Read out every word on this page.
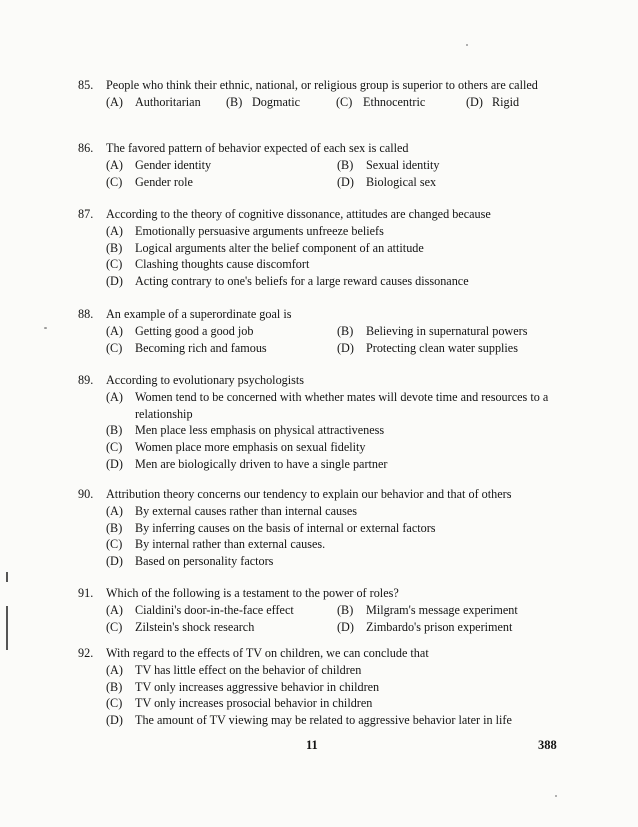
85.	People who think their ethnic, national, or religious group is superior to others are called
(A) Authoritarian (B) Dogmatic	(C) Ethnocentric	(D) Rigid
86.	The favored pattern of behavior expected of each sex is called
(A) Gender identity	(B)	Sexual identity
(C)	Gender role	(D) Biological sex
87.	According to the theory of cognitive dissonance, attitudes are changed because
(A) Emotionally persuasive arguments unfreeze beliefs
(B)	Logical arguments alter the belief component of an attitude
(C)	Clashing thoughts cause discomfort
(D) Acting contrary to one's beliefs for a large reward causes dissonance
88.	An example of a superordinate goal is
(A) Getting good a good job	(B)	Believing in supernatural powers
(C)	Becoming rich and famous	(D) Protecting clean water supplies
89.	According to evolutionary psychologists
(A) Women tend to be concerned with whether mates will devote time and resources to a relationship
(B)	Men place less emphasis on physical attractiveness
(C)	Women place more emphasis on sexual fidelity
(D) Men are biologically driven to have a single partner
90.	Attribution theory concerns our tendency to explain our behavior and that of others
(A) By external causes rather than internal causes
(B)	By inferring causes on the basis of internal or external factors
(C)	By internal rather than external causes.
(D) Based on personality factors
91.	Which of the following is a testament to the power of roles?
(A) Cialdini's door-in-the-face effect	(B)	Milgram's message experiment
(C)	Zilstein's shock research	(D) Zimbardo's prison experiment
92.	With regard to the effects of TV on children, we can conclude that
(A) TV has little effect on the behavior of children
(B)	TV only increases aggressive behavior in children
(C)	TV only increases prosocial behavior in children
(D) The amount of TV viewing may be related to aggressive behavior later in life
11	388
